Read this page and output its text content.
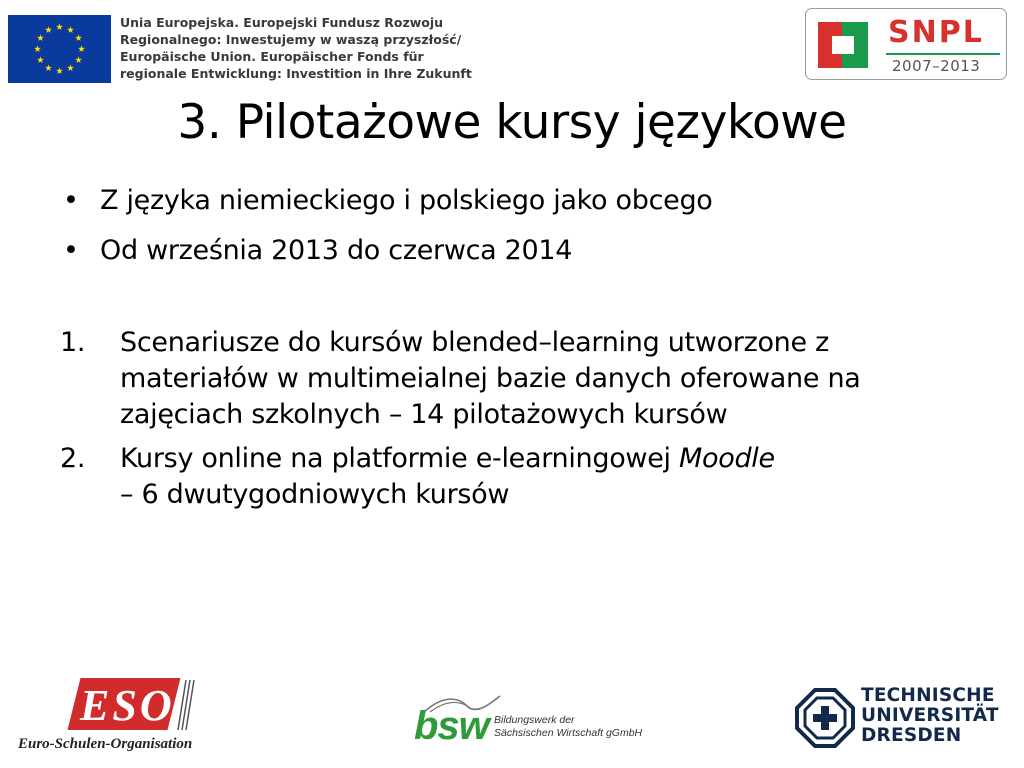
Unia Europejska. Europejski Fundusz Rozwoju
Regionalnego: Inwestujemy w waszą przyszłość/
Europäische Union. Europäischer Fonds für
regionale Entwicklung: Investition in Ihre Zukunft
SNPL
2007–2013
3. Pilotażowe kursy językowe
• Z języka niemieckiego i polskiego jako obcego
• Od września 2013 do czerwca 2014
1. Scenariusze do kursów blended–learning utworzone z materiałów w multimeialnej bazie danych oferowane na zajęciach szkolnych – 14 pilotażowych kursów
2. Kursy online na platformie e-learningowej Moodle
– 6 dwutygodniowych kursów
ESO
Euro-Schulen-Organisation	bsw Bildungswerk der
Sächsischen Wirtschaft gGmbH
TECHNISCHE
UNIVERSITÄT
DRESDEN
